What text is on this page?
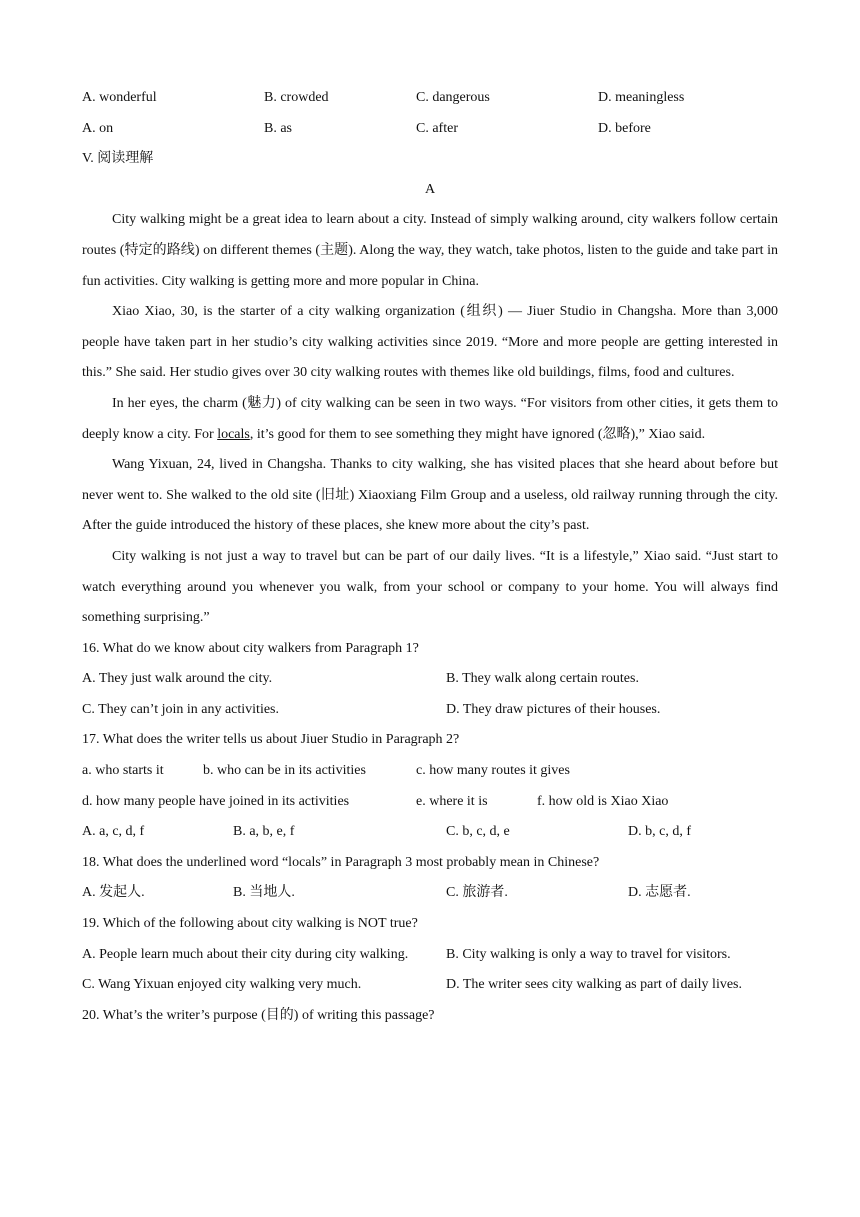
A. wonderful	B. crowded	C. dangerous	D. meaningless
A. on	B. as	C. after	D. before
V. 阅读理解
A

City walking might be a great idea to learn about a city. Instead of simply walking around, city walkers follow certain routes (特定的路线) on different themes (主题). Along the way, they watch, take photos, listen to the guide and take part in fun activities. City walking is getting more and more popular in China.

Xiao Xiao, 30, is the starter of a city walking organization (组织) — Jiuer Studio in Changsha. More than 3,000 people have taken part in her studio’s city walking activities since 2019. “More and more people are getting interested in this.” She said. Her studio gives over 30 city walking routes with themes like old buildings, films, food and cultures.

In her eyes, the charm (魅力) of city walking can be seen in two ways. “For visitors from other cities, it gets them to deeply know a city. For locals, it’s good for them to see something they might have ignored (忽略),” Xiao said.

Wang Yixuan, 24, lived in Changsha. Thanks to city walking, she has visited places that she heard about before but never went to. She walked to the old site (旧址) Xiaoxiang Film Group and a useless, old railway running through the city. After the guide introduced the history of these places, she knew more about the city’s past.

City walking is not just a way to travel but can be part of our daily lives. “It is a lifestyle,” Xiao said. “Just start to watch everything around you whenever you walk, from your school or company to your home. You will always find something surprising.”

16. What do we know about city walkers from Paragraph 1?
A. They just walk around the city.	B. They walk along certain routes.
C. They can’t join in any activities.	D. They draw pictures of their houses.
17. What does the writer tells us about Jiuer Studio in Paragraph 2?
a. who starts it	b. who can be in its activities	c. how many routes it gives
d. how many people have joined in its activities	e. where it is	f. how old is Xiao Xiao
A. a, c, d, f	B. a, b, e, f	C. b, c, d, e	D. b, c, d, f
18. What does the underlined word “locals” in Paragraph 3 most probably mean in Chinese?
A. 发起人.	B. 当地人.	C. 旅游者.	D. 志愿者.
19. Which of the following about city walking is NOT true?
A. People learn much about their city during city walking.	B. City walking is only a way to travel for visitors.
C. Wang Yixuan enjoyed city walking very much.	D. The writer sees city walking as part of daily lives.
20. What’s the writer’s purpose (目的) of writing this passage?
